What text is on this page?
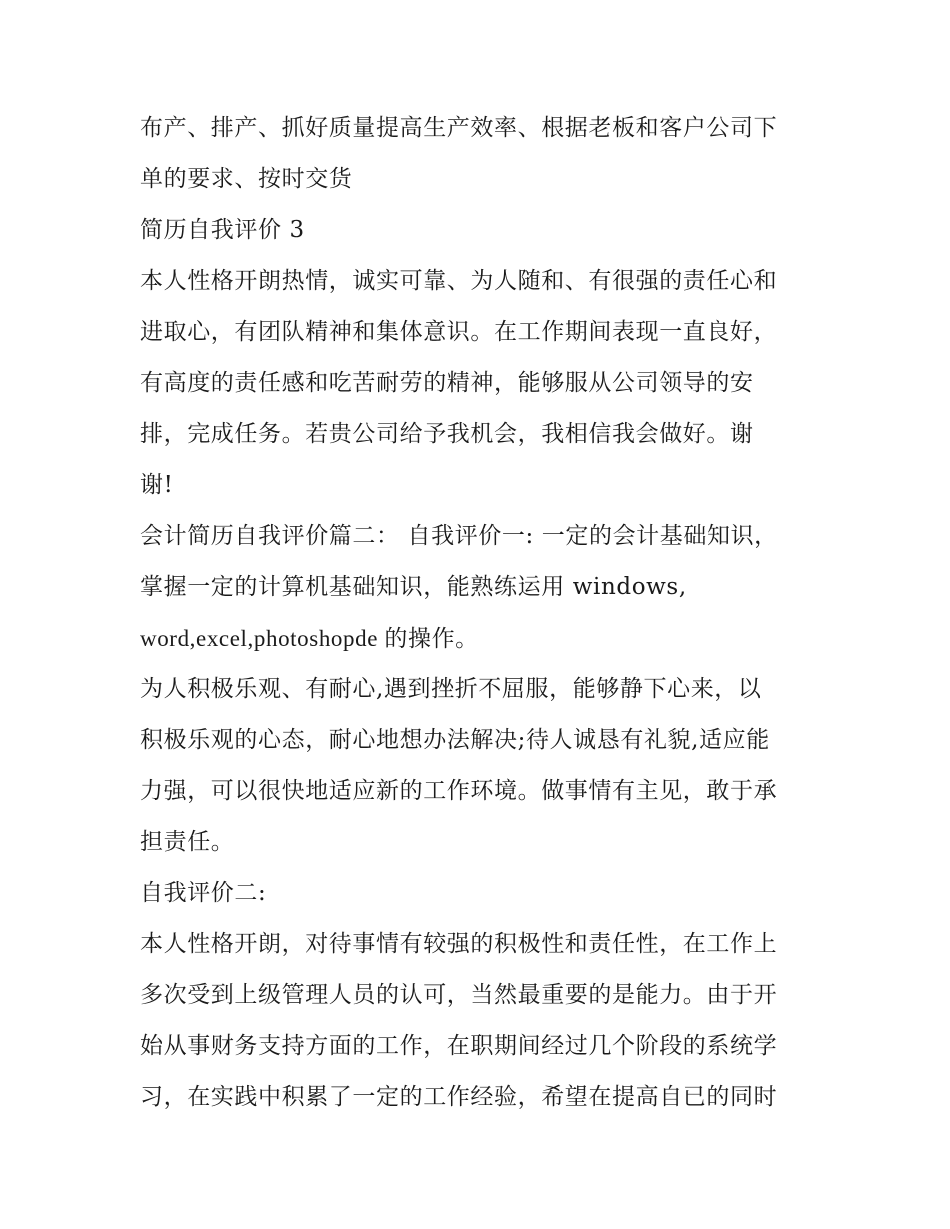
布产、排产、抓好质量提高生产效率、根据老板和客户公司下
单的要求、按时交货
简历自我评价 3
本人性格开朗热情，诚实可靠、为人随和、有很强的责任心和
进取心，有团队精神和集体意识。在工作期间表现一直良好，
有高度的责任感和吃苦耐劳的精神，能够服从公司领导的安
排，完成任务。若贵公司给予我机会，我相信我会做好。谢
谢!
会计简历自我评价篇二： 自我评价一: 一定的会计基础知识，
掌握一定的计算机基础知识，能熟练运用 windows,
word,excel,photoshopde 的操作。
为人积极乐观、有耐心,遇到挫折不屈服，能够静下心来，以
积极乐观的心态，耐心地想办法解决;待人诚恳有礼貌,适应能
力强，可以很快地适应新的工作环境。做事情有主见，敢于承
担责任。
自我评价二:
本人性格开朗，对待事情有较强的积极性和责任性，在工作上
多次受到上级管理人员的认可，当然最重要的是能力。由于开
始从事财务支持方面的工作，在职期间经过几个阶段的系统学
习，在实践中积累了一定的工作经验，希望在提高自已的同时
